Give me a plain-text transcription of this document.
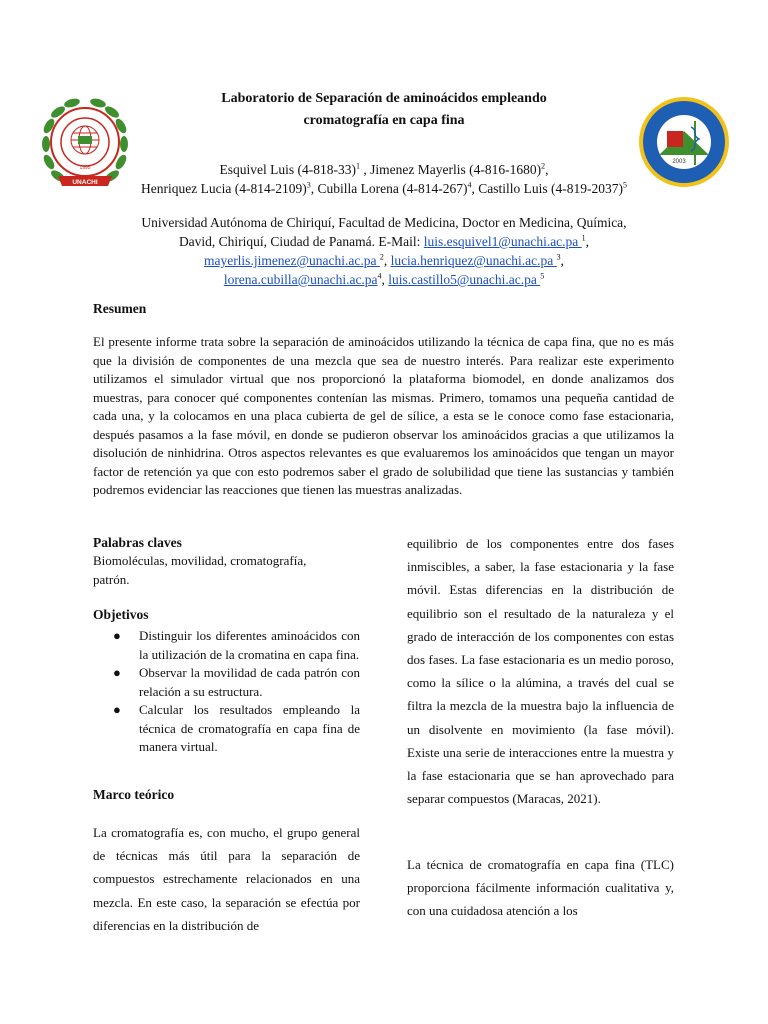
1995
UNACHI
2003
Laboratorio de Separación de aminoácidos empleando
cromatografía en capa fina
Esquivel Luis $(4-818-33)^1$ , Jimenez Mayerlis $(4-816-1680)^2$,
Henriquez Lucia $(4-814-2109)^3$, Cubilla Lorena $(4-814-267)^4$, Castillo Luis $(4-819-2037)^5$
Universidad Autónoma de Chiriquí, Facultad de Medicina, Doctor en Medicina, Química,
David, Chiriquí, Ciudad de Panamá. E-Mail: luis.esquivel1@unachi.ac.pa $^1$,
mayerlis.jimenez@unachi.ac.pa $^2$, lucia.henriquez@unachi.ac.pa $^3$,
$lorena.cubilla@unachi.ac.pa^4$, luis.castillo5@unachi.ac.pa $^5$
Resumen
El presente informe trata sobre la separación de aminoácidos utilizando la técnica de capa fina, que no es más que la división de componentes de una mezcla que sea de nuestro interés. Para realizar este experimento utilizamos el simulador virtual que nos proporcionó la plataforma biomodel, en donde analizamos dos muestras, para conocer qué componentes contenían las mismas. Primero, tomamos una pequeña cantidad de cada una, y la colocamos en una placa cubierta de gel de sílice, a esta se le conoce como fase estacionaria, después pasamos a la fase móvil, en donde se pudieron observar los aminoácidos gracias a que utilizamos la disolución de ninhidrina. Otros aspectos relevantes es que evaluaremos los aminoácidos que tengan un mayor factor de retención ya que con esto podremos saber el grado de solubilidad que tiene las sustancias y también podremos evidenciar las reacciones que tienen las muestras analizadas.
Palabras claves
Biomoléculas, movilidad, cromatografía, patrón.
Objetivos
● Distinguir los diferentes aminoácidos con la utilización de la cromatina en capa fina.
● Observar la movilidad de cada patrón con relación a su estructura.
● Calcular los resultados empleando la técnica de cromatografía en capa fina de manera virtual.
Marco teórico
La cromatografía es, con mucho, el grupo general de técnicas más útil para la separación de compuestos estrechamente relacionados en una mezcla. En este caso, la separación se efectúa por diferencias en la distribución de
equilibrio de los componentes entre dos fases inmiscibles, a saber, la fase estacionaria y la fase móvil. Estas diferencias en la distribución de equilibrio son el resultado de la naturaleza y el grado de interacción de los componentes con estas dos fases. La fase estacionaria es un medio poroso, como la sílice o la alúmina, a través del cual se filtra la mezcla de la muestra bajo la influencia de un disolvente en movimiento (la fase móvil). Existe una serie de interacciones entre la muestra y la fase estacionaria que se han aprovechado para separar compuestos (Maracas, 2021).
La técnica de cromatografía en capa fina (TLC) proporciona fácilmente información cualitativa y, con una cuidadosa atención a los
